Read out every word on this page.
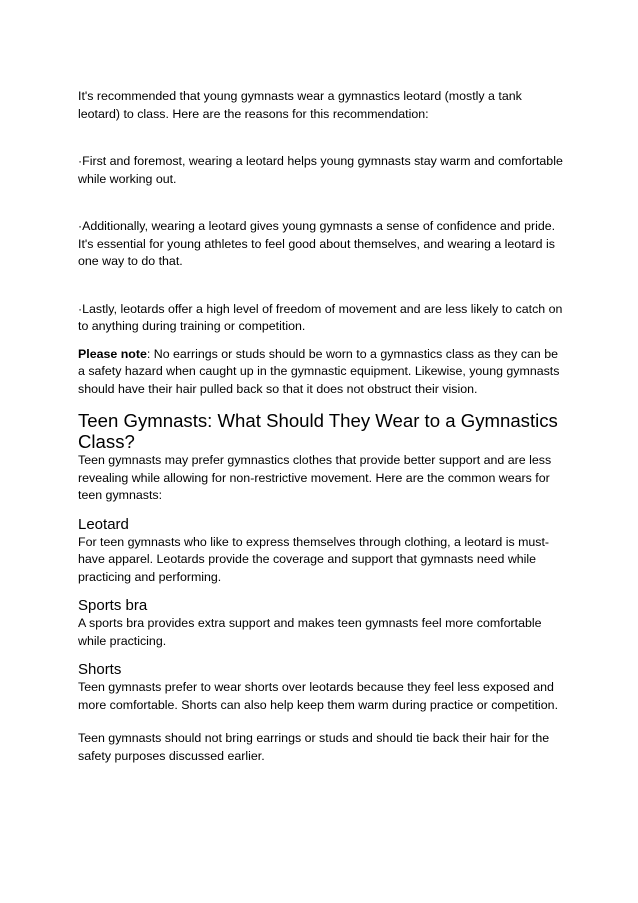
It's recommended that young gymnasts wear a gymnastics leotard (mostly a tank leotard) to class. Here are the reasons for this recommendation:

·First and foremost, wearing a leotard helps young gymnasts stay warm and comfortable while working out.

·Additionally, wearing a leotard gives young gymnasts a sense of confidence and pride. It's essential for young athletes to feel good about themselves, and wearing a leotard is one way to do that.

·Lastly, leotards offer a high level of freedom of movement and are less likely to catch on to anything during training or competition.

Please note: No earrings or studs should be worn to a gymnastics class as they can be a safety hazard when caught up in the gymnastic equipment. Likewise, young gymnasts should have their hair pulled back so that it does not obstruct their vision.

Teen Gymnasts: What Should They Wear to a Gymnastics Class?

Teen gymnasts may prefer gymnastics clothes that provide better support and are less revealing while allowing for non-restrictive movement. Here are the common wears for teen gymnasts:

Leotard

For teen gymnasts who like to express themselves through clothing, a leotard is must-have apparel. Leotards provide the coverage and support that gymnasts need while practicing and performing.

Sports bra

A sports bra provides extra support and makes teen gymnasts feel more comfortable while practicing.

Shorts

Teen gymnasts prefer to wear shorts over leotards because they feel less exposed and more comfortable. Shorts can also help keep them warm during practice or competition.

Teen gymnasts should not bring earrings or studs and should tie back their hair for the safety purposes discussed earlier.
